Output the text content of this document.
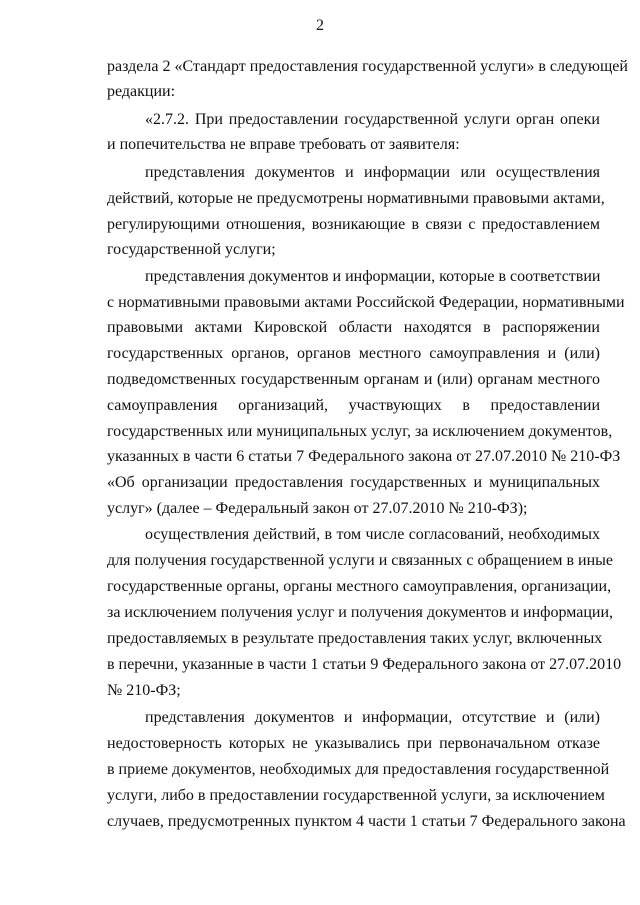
2
раздела 2 «Стандарт предоставления государственной услуги» в следующей
редакции:
«2.7.2. При предоставлении государственной услуги орган опеки
и попечительства не вправе требовать от заявителя:
представления документов и информации или осуществления
действий, которые не предусмотрены нормативными правовыми актами,
регулирующими отношения, возникающие в связи с предоставлением
государственной услуги;
представления документов и информации, которые в соответствии
с нормативными правовыми актами Российской Федерации, нормативными
правовыми актами Кировской области находятся в распоряжении
государственных органов, органов местного самоуправления и (или)
подведомственных государственным органам и (или) органам местного
самоуправления организаций, участвующих в предоставлении
государственных или муниципальных услуг, за исключением документов,
указанных в части 6 статьи 7 Федерального закона от 27.07.2010 № 210-ФЗ
«Об организации предоставления государственных и муниципальных
услуг» (далее – Федеральный закон от 27.07.2010 № 210-ФЗ);
осуществления действий, в том числе согласований, необходимых
для получения государственной услуги и связанных с обращением в иные
государственные органы, органы местного самоуправления, организации,
за исключением получения услуг и получения документов и информации,
предоставляемых в результате предоставления таких услуг, включенных
в перечни, указанные в части 1 статьи 9 Федерального закона от 27.07.2010
№ 210-ФЗ;
представления документов и информации, отсутствие и (или)
недостоверность которых не указывались при первоначальном отказе
в приеме документов, необходимых для предоставления государственной
услуги, либо в предоставлении государственной услуги, за исключением
случаев, предусмотренных пунктом 4 части 1 статьи 7 Федерального закона
